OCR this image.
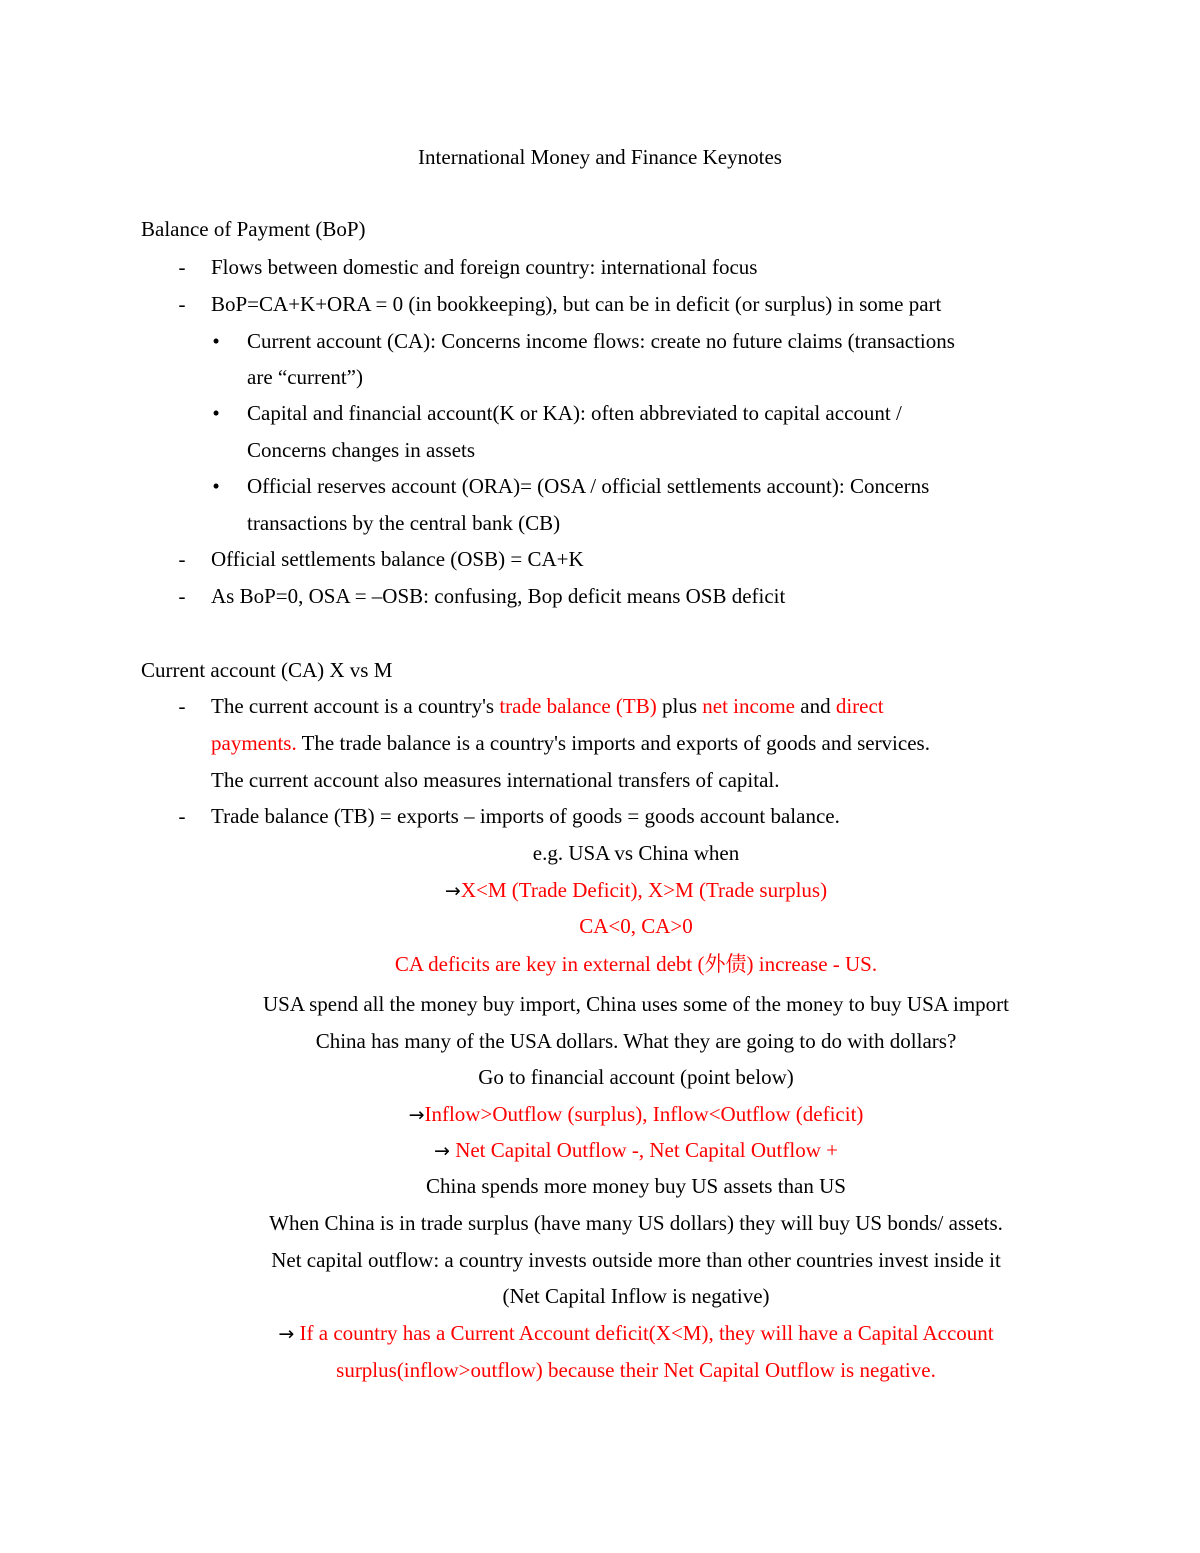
International Money and Finance Keynotes
Balance of Payment (BoP)
- Flows between domestic and foreign country: international focus
- BoP=CA+K+ORA = 0 (in bookkeeping), but can be in deficit (or surplus) in some part
• Current account (CA): Concerns income flows: create no future claims (transactions
are “current”)
• Capital and financial account(K or KA): often abbreviated to capital account /
Concerns changes in assets
• Official reserves account (ORA)= (OSA / official settlements account): Concerns
transactions by the central bank (CB)
- Official settlements balance (OSB) = CA+K
- As BoP=0, OSA = –OSB: confusing, Bop deficit means OSB deficit
Current account (CA) X vs M
- The current account is a country's trade balance (TB) plus net income and direct
payments. The trade balance is a country's imports and exports of goods and services.
The current account also measures international transfers of capital.
- Trade balance (TB) = exports – imports of goods = goods account balance.
e.g. USA vs China when
→X<M (Trade Deficit), X>M (Trade surplus)
CA<0, CA>0
CA deficits are key in external debt (外债) increase - US.
USA spend all the money buy import, China uses some of the money to buy USA import
China has many of the USA dollars. What they are going to do with dollars?
Go to financial account (point below)
→Inflow>Outflow (surplus), Inflow<Outflow (deficit)
→ Net Capital Outflow -, Net Capital Outflow +
China spends more money buy US assets than US
When China is in trade surplus (have many US dollars) they will buy US bonds/ assets.
Net capital outflow: a country invests outside more than other countries invest inside it
(Net Capital Inflow is negative)
→ If a country has a Current Account deficit(X<M), they will have a Capital Account
surplus(inflow>outflow) because their Net Capital Outflow is negative.
